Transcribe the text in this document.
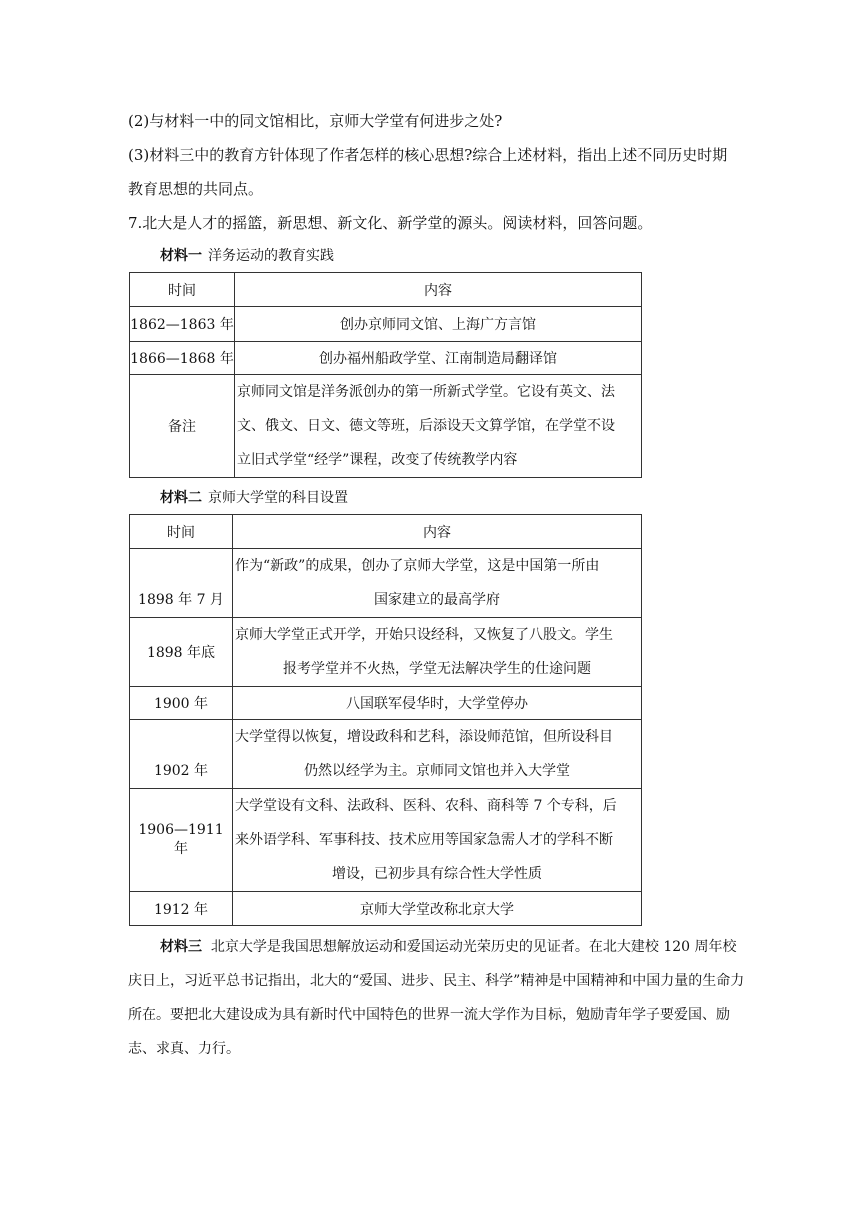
(2)与材料一中的同文馆相比，京师大学堂有何进步之处?

(3)材料三中的教育方针体现了作者怎样的核心思想?综合上述材料，指出上述不同历史时期
教育思想的共同点。

7.北大是人才的摇篮，新思想、新文化、新学堂的源头。阅读材料，回答问题。

材料一 洋务运动的教育实践
时间	内容
1862—1863 年	创办京师同文馆、上海广方言馆
1866—1868 年	创办福州船政学堂、江南制造局翻译馆
备注	京师同文馆是洋务派创办的第一所新式学堂。它设有英文、法
文、俄文、日文、德文等班，后添设天文算学馆，在学堂不设
立旧式学堂“经学”课程，改变了传统教学内容
材料二 京师大学堂的科目设置
时间	内容
1898 年 7 月	作为“新政”的成果，创办了京师大学堂，这是中国第一所由
国家建立的最高学府

1898 年底	京师大学堂正式开学，开始只设经科，又恢复了八股文。学生
报考学堂并不火热，学堂无法解决学生的仕途问题

1900 年	八国联军侵华时，大学堂停办
1902 年	大学堂得以恢复，增设政科和艺科，添设师范馆，但所设科目
仍然以经学为主。京师同文馆也并入大学堂

1906—1911 年	大学堂设有文科、法政科、医科、农科、商科等 7 个专科，后
来外语学科、军事科技、技术应用等国家急需人才的学科不断
增设，已初步具有综合性大学性质

1912 年	京师大学堂改称北京大学

材料三 北京大学是我国思想解放运动和爱国运动光荣历史的见证者。在北大建校 120 周年校庆日上，习近平总书记指出，北大的“爱国、进步、民主、科学”精神是中国精神和中国力量的生命力所在。要把北大建设成为具有新时代中国特色的世界一流大学作为目标，勉励青年学子要爱国、励志、求真、力行。
